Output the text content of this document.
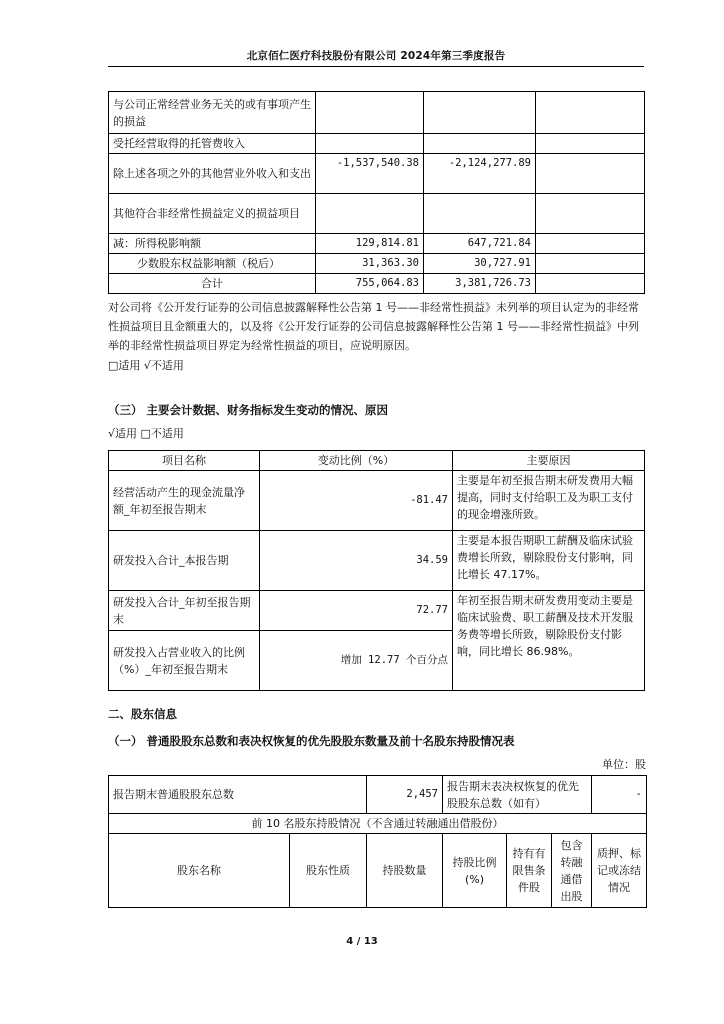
北京佰仁医疗科技股份有限公司 2024年第三季度报告
与公司正常经营业务无关的或有事项产生的损益			
受托经营取得的托管费收入			
除上述各项之外的其他营业外收入和支出	-1,537,540.38	-2,124,277.89	
其他符合非经常性损益定义的损益项目			
减：所得税影响额	129,814.81	647,721.84	
少数股东权益影响额（税后）	31,363.30	30,727.91	
合计	755,064.83	3,381,726.73	
对公司将《公开发行证券的公司信息披露解释性公告第 1 号——非经常性损益》未列举的项目认定为的非经常性损益项目且金额重大的，以及将《公开发行证券的公司信息披露解释性公告第 1 号——非经常性损益》中列举的非经常性损益项目界定为经常性损益的项目，应说明原因。
□适用 √不适用
（三） 主要会计数据、财务指标发生变动的情况、原因
√适用 □不适用
项目名称	变动比例（%）	主要原因
经营活动产生的现金流量净额_年初至报告期末	-81.47	主要是年初至报告期末研发费用大幅提高，同时支付给职工及为职工支付的现金增涨所致。
研发投入合计_本报告期	34.59	主要是本报告期职工薪酬及临床试验费增长所致，剔除股份支付影响，同比增长 47.17%。
研发投入合计_年初至报告期末	72.77	年初至报告期末研发费用变动主要是临床试验费、职工薪酬及技术开发服务费等增长所致，剔除股份支付影响，同比增长 86.98%。
研发投入占营业收入的比例（%）_年初至报告期末	增加 12.77 个百分点	
二、股东信息
（一） 普通股股东总数和表决权恢复的优先股股东数量及前十名股东持股情况表
单位：股
报告期末普通股股东总数		2,457	报告期末表决权恢复的优先股股东总数（如有）			-
前 10 名股东持股情况（不含通过转融通出借股份）						
股东名称	股东性质	持股数量	持股比例(%)	持有有限售条件股	包含转融通借出股	质押、标记或冻结情况
4 / 13
